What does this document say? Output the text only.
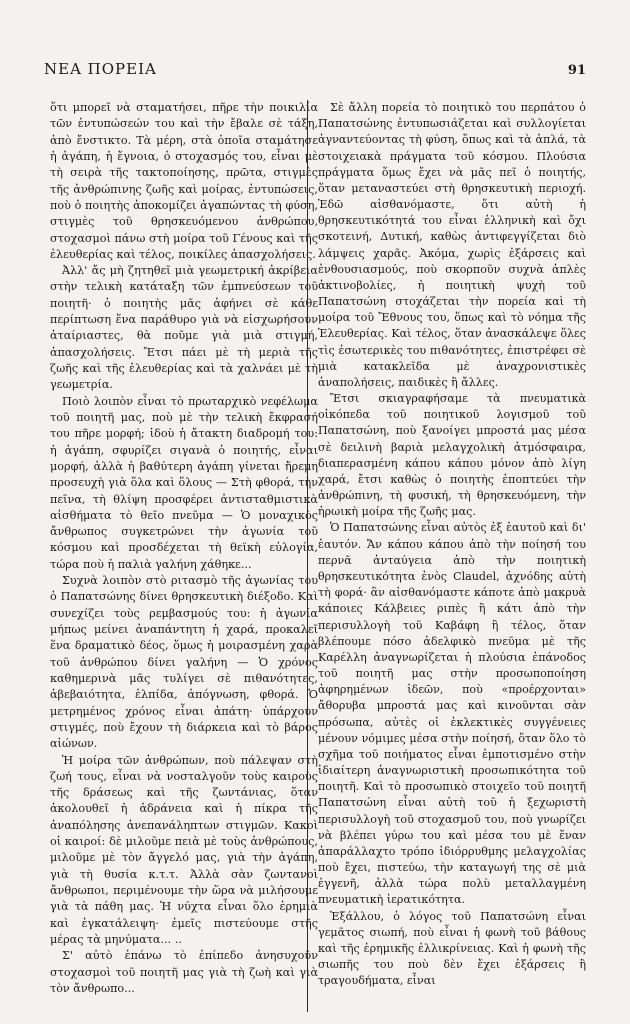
ΝΕΑ ΠΟΡΕΙΑ	91

ὅτι μπορεῖ νὰ σταματήσει, πῆρε τὴν ποικιλία τῶν ἐντυπώσεών του καὶ τὴν ἔβαλε σὲ τάξη, ἀπὸ ἔνστικτο. Τὰ μέρη, στὰ ὁποῖα σταμάτησε ἡ ἀγάπη, ἡ ἔγνοια, ὁ στοχασμός του, εἶναι μὲ τὴ σειρὰ τῆς τακτοποίησης, πρῶτα, στιγμὲς τῆς ἀνθρώπινης ζωῆς καὶ μοίρας, ἐντυπώσεις, ποὺ ὁ ποιητὴς ἀποκομίζει ἀγαπώντας τὴ φύση, στιγμὲς τοῦ θρησκευόμενου ἀνθρώπου, στοχασμοὶ πάνω στὴ μοίρα τοῦ Γένους καὶ τῆς ἐλευθερίας καὶ τέλος, ποικίλες ἀπασχολήσεις.

Ἀλλ' ἄς μὴ ζητηθεῖ μιὰ γεωμετρική ἀκρίβεια στὴν τελικὴ κατάταξη τῶν ἐμπνεύσεων τοῦ ποιητῆ· ὁ ποιητὴς μᾶς ἀφήνει σὲ κάθε περίπτωση ἕνα παράθυρο γιὰ νὰ εἰσχωρήσουν ἀταίριαστες, θὰ ποῦμε γιὰ μιὰ στιγμή, ἀπασχολήσεις. Ἔτσι πάει μὲ τὴ μεριὰ τῆς ζωῆς καὶ τῆς ἐλευθερίας καὶ τὰ χαλνάει μὲ τὴ γεωμετρία.

Ποιὸ λοιπὸν εἶναι τὸ πρωταρχικὸ νεφέλωμα τοῦ ποιητῆ μας, ποὺ μὲ τὴν τελικὴ ἔκφρασή του πῆρε μορφή; ἰδοὺ ἡ ἄτακτη διαδρομή του: ἡ ἀγάπη, σφυρίζει σιγανὰ ὁ ποιητής, εἶναι μορφή, ἀλλὰ ἡ βαθύτερη ἀγάπη γίνεται ἤρεμη προσευχὴ γιὰ ὅλα καὶ ὅλους — Στὴ φθορά, τὴν πεῖνα, τὴ θλίψη προσφέρει ἀντισταθμιστικὰ αἰσθήματα τὸ θεῖο πνεῦμα — Ὁ μοναχικὸς ἄνθρωπος συγκετρώνει τὴν ἀγωνία τοῦ κόσμου καὶ προσδέχεται τὴ θεϊκὴ εὐλογία, τώρα ποὺ ἡ παλιὰ γαλήνη χάθηκε...

Συχνὰ λοιπὸν στὸ ριτασμὸ τῆς ἀγωνίας του ὁ Παπατσώνης δίνει θρησκευτικὴ διέξοδο. Καὶ συνεχίζει τοὺς ρεμβασμούς του: ἡ ἀγωνία μήπως μείνει ἀναπάντητη ἡ χαρά, προκαλεῖ ἕνα δραματικὸ δέος, ὅμως ἡ μοιρασμένη χαρὰ τοῦ ἀνθρώπου δίνει γαλήνη — Ὁ χρόνος καθημερινὰ μᾶς τυλίγει σὲ πιθανότητες, ἀβεβαιότητα, ἐλπίδα, ἀπόγνωση, φθορά. Ὁ μετρημένος χρόνος εἶναι ἀπάτη· ὑπάρχουν στιγμές, ποὺ ἔχουν τὴ διάρκεια καὶ τὸ βάρος αἰώνων.

Ἡ μοίρα τῶν ἀνθρώπων, ποὺ πάλεψαν στὴ ζωή τους, εἶναι νὰ νοσταλγοῦν τοὺς καιροὺς τῆς δράσεως καὶ τῆς ζωντάνιας, ὅταν ἀκολουθεῖ ἡ ἀδράνεια καὶ ἡ πίκρα τῆς ἀναπόλησης ἀνεπανάληπτων στιγμῶν. Κακοὶ οἱ καιροί: δὲ μιλοῦμε πειὰ μὲ τοὺς ἀνθρώπους, μιλοῦμε μὲ τὸν ἄγγελό μας, γιὰ τὴν ἀγάπη, γιὰ τὴ θυσία κ.τ.τ. Ἀλλὰ σὰν ζωντανοὶ ἄνθρωποι, περιμένουμε τὴν ὥρα νὰ μιλήσουμε γιὰ τὰ πάθη μας. Ἡ νύχτα εἶναι ὅλο ἐρημιὰ καὶ ἐγκατάλειψη· ἐμεῖς πιστεύουμε στῆς μέρας τὰ μηνύματα... ..

Σ' αὐτὸ ἐπάνω τὸ ἐπίπεδο ἀνησυχοῦν στοχασμοὶ τοῦ ποιητῆ μας γιὰ τὴ ζωὴ καὶ γιὰ τὸν ἄνθρωπο...

Σὲ ἄλλη πορεία τὸ ποιητικὸ του περπάτου ὁ Παπατσώνης ἐντυπωσιάζεται καὶ συλλογίεται ἀγναντεύοντας τὴ φύση, ὅπως καὶ τὰ ἁπλά, τὰ στοιχειακὰ πράγματα τοῦ κόσμου. Πλούσια πράγματα ὅμως ἔχει νὰ μᾶς πεῖ ὁ ποιητής, ὅταν μεταναστεύει στὴ θρησκευτικὴ περιοχή. Ἐδῶ αἰσθανόμαστε, ὅτι αὐτὴ ἡ θρησκευτικότητά του εἶναι ἑλληνικὴ καὶ ὄχι σκοτεινή, Δυτική, καθὼς ἀντιφεγγίζεται διὸ λάμψεις χαρᾶς. Ἀκόμα, χωρὶς ἐξάρσεις καὶ ἐνθουσιασμούς, ποὺ σκορποῦν συχνὰ ἁπλὲς ἀκτινοβολίες, ἡ ποιητικὴ ψυχὴ τοῦ Παπατσώνη στοχάζεται τὴν πορεία καὶ τὴ μοίρα τοῦ Ἔθνους του, ὅπως καὶ τὸ νόημα τῆς Ἐλευθερίας. Καὶ τέλος, ὅταν ἀνασκάλεψε ὅλες τὶς ἐσωτερικὲς του πιθανότητες, ἐπιστρέφει σὲ μιὰ κατακλεῖδα μὲ ἀναχρονιστικὲς ἀναπολήσεις, παιδικὲς ἢ ἄλλες.

Ἔτσι σκιαγραφήσαμε τὰ πνευματικὰ οἰκόπεδα τοῦ ποιητικοῦ λογισμοῦ τοῦ Παπατσώνη, ποὺ ξανοίγει μπροστά μας μέσα σὲ δειλινὴ βαριὰ μελαγχολικὴ ἀτμόσφαιρα, διαπερασμένη κάπου κάπου μόνον ἀπὸ λίγη χαρά, ἔτσι καθὼς ὁ ποιητὴς ἐποπτεύει τὴν ἀνθρώπινη, τὴ φυσική, τὴ θρησκευόμενη, τὴν ἡρωικὴ μοίρα τῆς ζωῆς μας.

Ὁ Παπατσώνης εἶναι αὐτὸς ἐξ ἑαυτοῦ καὶ δι' ἑαυτόν. Ἄν κάπου κάπου ἀπὸ τὴν ποίησή του περνᾶ ἀνταύγεια ἀπὸ τὴν ποιητικὴ θρησκευτικότητα ἑνὸς Claudel, ἀχνόδης αὐτὴ τὴ φορά· ἂν αἰσθανόμαστε κάποτε ἀπὸ μακρυὰ κάποιες Κάλβειες ριπὲς ἢ κάτι ἀπὸ τὴν περισυλλογὴ τοῦ Καβάφη ἢ τέλος, ὅταν βλέπουμε πόσο ἀδελφικὸ πνεῦμα μὲ τῆς Καρέλλη ἀναγνωρίζεται ἡ πλούσια ἐπάνοδος τοῦ ποιητῆ μας στὴν προσωποποίηση ἀφηρημένων ἰδεῶν, ποὺ «προέρχονται» ἄθορυβα μπροστά μας καὶ κινοῦνται σὰν πρόσωπα, αὐτὲς οἱ ἐκλεκτικὲς συγγένειες μένουν νόμιμες μέσα στὴν ποίησή, ὅταν ὅλο τὸ σχῆμα τοῦ ποιήματος εἶναι ἐμποτισμένο στὴν ἰδιαίτερη ἀναγνωριστικὴ προσωπικότητα τοῦ ποιητῆ. Καὶ τὸ προσωπικὸ στοιχεῖο τοῦ ποιητῆ Παπατσώνη εἶναι αὐτὴ τοῦ ἡ ξεχωριστὴ περισυλλογὴ τοῦ στοχασμοῦ του, ποὺ γνωρίζει νὰ βλέπει γύρω του καὶ μέσα του μὲ ἕναν ἀπαράλλαχτο τρόπο ἰδιόρρυθμης μελαγχολίας ποὺ ἔχει, πιστεύω, τὴν καταγωγή της σὲ μιὰ ἐγγενῆ, ἀλλὰ τώρα πολὺ μεταλλαγμένη πνευματικὴ ἱερατικότητα.

Ἐξάλλου, ὁ λόγος τοῦ Παπατσώνη εἶναι γεμᾶτος σιωπή, ποὺ εἶναι ἡ φωνὴ τοῦ βάθους καὶ τῆς ἐρημικῆς ἐλλικρίνειας. Καὶ ἡ φωνὴ τῆς σιωπῆς του ποὺ δὲν ἔχει ἐξάρσεις ἢ τραγουδήματα, εἶναι
